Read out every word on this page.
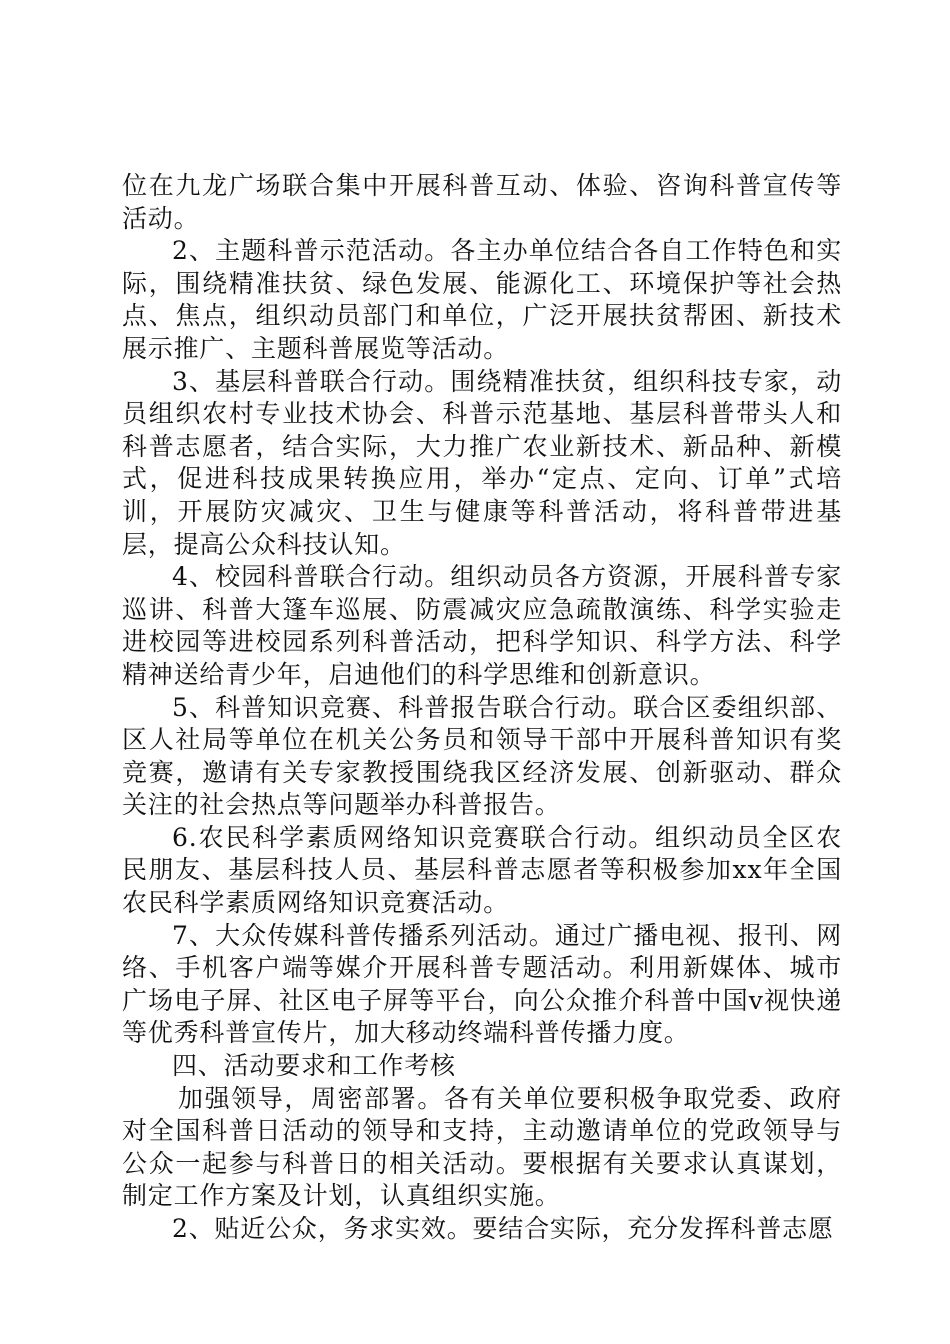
位在九龙广场联合集中开展科普互动、体验、咨询科普宣传等活动。

2、主题科普示范活动。各主办单位结合各自工作特色和实际，围绕精准扶贫、绿色发展、能源化工、环境保护等社会热点、焦点，组织动员部门和单位，广泛开展扶贫帮困、新技术展示推广、主题科普展览等活动。

3、基层科普联合行动。围绕精准扶贫，组织科技专家，动员组织农村专业技术协会、科普示范基地、基层科普带头人和科普志愿者，结合实际，大力推广农业新技术、新品种、新模式，促进科技成果转换应用，举办“定点、定向、订单”式培训，开展防灾减灾、卫生与健康等科普活动，将科普带进基层，提高公众科技认知。

4、校园科普联合行动。组织动员各方资源，开展科普专家巡讲、科普大篷车巡展、防震减灾应急疏散演练、科学实验走进校园等进校园系列科普活动，把科学知识、科学方法、科学精神送给青少年，启迪他们的科学思维和创新意识。

5、科普知识竞赛、科普报告联合行动。联合区委组织部、区人社局等单位在机关公务员和领导干部中开展科普知识有奖竞赛，邀请有关专家教授围绕我区经济发展、创新驱动、群众关注的社会热点等问题举办科普报告。

6.农民科学素质网络知识竞赛联合行动。组织动员全区农民朋友、基层科技人员、基层科普志愿者等积极参加xx年全国农民科学素质网络知识竞赛活动。

7、大众传媒科普传播系列活动。通过广播电视、报刊、网络、手机客户端等媒介开展科普专题活动。利用新媒体、城市广场电子屏、社区电子屏等平台，向公众推介科普中国v视快递等优秀科普宣传片，加大移动终端科普传播力度。

四、活动要求和工作考核

加强领导，周密部署。各有关单位要积极争取党委、政府对全国科普日活动的领导和支持，主动邀请单位的党政领导与公众一起参与科普日的相关活动。要根据有关要求认真谋划，制定工作方案及计划，认真组织实施。

2、贴近公众，务求实效。要结合实际，充分发挥科普志愿
